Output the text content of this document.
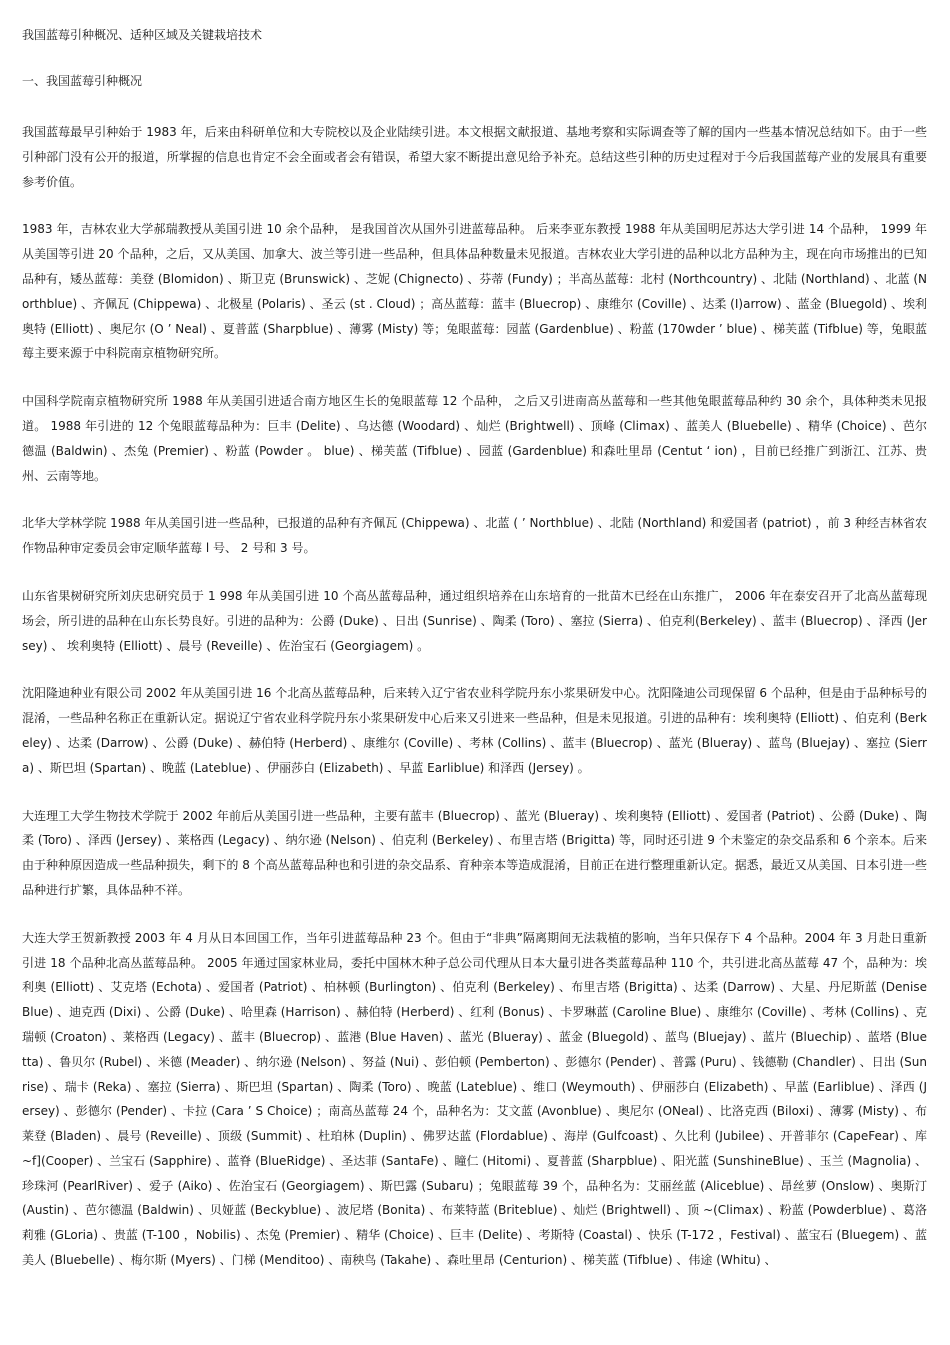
我国蓝莓引种概况、适种区域及关键栽培技术

一、我国蓝莓引种概况

我国蓝莓最早引种始于 1983 年，后来由科研单位和大专院校以及企业陆续引进。本文根据文献报道、基地考察和实际调查等了解的国内一些基本情况总结如下。由于一些引种部门没有公开的报道，所掌握的信息也肯定不会全面或者会有错误，希望大家不断提出意见给予补充。总结这些引种的历史过程对于今后我国蓝莓产业的发展具有重要参考价值。

1983 年，吉林农业大学郝瑞教授从美国引进 10 余个品种， 是我国首次从国外引进蓝莓品种。 后来李亚东教授 1988 年从美国明尼苏达大学引进 14 个品种， 1999 年从美国等引进 20 个品种，之后，又从美国、加拿大、波兰等引进一些品种，但具体品种数量未见报道。吉林农业大学引进的品种以北方品种为主，现在向市场推出的已知品种有，矮丛蓝莓：美登 (Blomidon) 、斯卫克 (Brunswick) 、芝妮 (Chignecto) 、芬蒂 (Fundy) ；半高丛蓝莓：北村 (Northcountry) 、北陆 (Northland) 、北蓝 (Northblue) 、齐佩瓦 (Chippewa) 、北极星 (Polaris) 、圣云 (st . Cloud) ；高丛蓝莓：蓝丰 (Bluecrop) 、康维尔 (Coville) 、达柔 (I)arrow) 、蓝金 (Bluegold) 、埃利奥特 (Elliott) 、奥尼尔 (O ’ Neal) 、夏普蓝 (Sharpblue) 、薄雾 (Misty) 等；兔眼蓝莓：园蓝 (Gardenblue) 、粉蓝 (170wder ’ blue) 、梯芙蓝 (Tifblue) 等，兔眼蓝莓主要来源于中科院南京植物研究所。

中国科学院南京植物研究所 1988 年从美国引进适合南方地区生长的兔眼蓝莓 12 个品种， 之后又引进南高丛蓝莓和一些其他兔眼蓝莓品种约 30 余个，具体种类未见报道。 1988 年引进的 12 个兔眼蓝莓品种为：巨丰 (Delite) 、乌达德 (Woodard) 、灿烂 (Brightwell) 、顶峰 (Climax) 、蓝美人 (Bluebelle) 、精华 (Choice) 、芭尔德温 (Baldwin) 、杰兔 (Premier) 、粉蓝 (Powder 。 blue) 、梯芙蓝 (Tifblue) 、园蓝 (Gardenblue) 和森吐里昂 (Centut ‘ ion) ，目前已经推广到浙江、江苏、贵州、云南等地。

北华大学林学院 1988 年从美国引进一些品种，已报道的品种有齐佩瓦 (Chippewa) 、北蓝 ( ’ Northblue) 、北陆 (Northland) 和爱国者 (patriot) ，前 3 种经吉林省农作物品种审定委员会审定顺华蓝莓 l 号、 2 号和 3 号。

山东省果树研究所刘庆忠研究员于 1 998 年从美国引进 10 个高丛蓝莓品种，通过组织培养在山东培育的一批苗木已经在山东推广， 2006 年在泰安召开了北高丛蓝莓现场会，所引进的品种在山东长势良好。引进的品种为：公爵 (Duke) 、日出 (Sunrise) 、陶柔 (Toro) 、塞拉 (Sierra) 、伯克利(Berkeley) 、蓝丰 (Bluecrop) 、泽西 (Jersey) 、 埃利奥特 (Elliott) 、晨号 (Reveille) 、佐治宝石 (Georgiagem) 。

沈阳隆迪种业有限公司 2002 年从美国引进 16 个北高丛蓝莓品种，后来转入辽宁省农业科学院丹东小浆果研发中心。沈阳隆迪公司现保留 6 个品种，但是由于品种标号的混淆，一些品种名称正在重新认定。据说辽宁省农业科学院丹东小浆果研发中心后来又引进来一些品种，但是未见报道。引进的品种有：埃利奥特 (Elliott) 、伯克利 (Berkeley) 、达柔 (Darrow) 、公爵 (Duke) 、赫伯特 (Herberd) 、康维尔 (Coville) 、考林 (Collins) 、蓝丰 (Bluecrop) 、蓝光 (Blueray) 、蓝鸟 (Bluejay) 、塞拉 (Sierra) 、斯巴坦 (Spartan) 、晚蓝 (Lateblue) 、伊丽莎白 (Elizabeth) 、早蓝 Earliblue) 和泽西 (Jersey) 。

大连理工大学生物技术学院于 2002 年前后从美国引进一些品种，主要有蓝丰 (Bluecrop) 、蓝光 (Blueray) 、埃利奥特 (Elliott) 、爱国者 (Patriot) 、公爵 (Duke) 、陶柔 (Toro) 、泽西 (Jersey) 、莱格西 (Legacy) 、纳尔逊 (Nelson) 、伯克利 (Berkeley) 、布里吉塔 (Brigitta) 等，同时还引进 9 个未鉴定的杂交品系和 6 个亲本。后来由于种种原因造成一些品种损失，剩下的 8 个高丛蓝莓品种也和引进的杂交品系、育种亲本等造成混淆，目前正在进行整理重新认定。据悉，最近又从美国、日本引进一些品种进行扩繁，具体品种不祥。

大连大学王贺新教授 2003 年 4 月从日本回国工作，当年引进蓝莓品种 23 个。但由于“非典”隔离期间无法栽植的影响，当年只保存下 4 个品种。2004 年 3 月赴日重新引进 18 个品种北高丛蓝莓品种。 2005 年通过国家林业局，委托中国林木种子总公司代理从日本大量引进各类蓝莓品种 110 个，共引进北高丛蓝莓 47 个，品种为：埃利奥 (Elliott) 、艾克塔 (Echota) 、爱国者 (Patriot) 、柏林顿 (Burlington) 、伯克利 (Berkeley) 、布里吉塔 (Brigitta) 、达柔 (Darrow) 、大星、丹尼斯蓝 (Denise Blue) 、迪克西 (Dixi) 、公爵 (Duke) 、哈里森 (Harrison) 、赫伯特 (Herberd) 、红利 (Bonus) 、卡罗琳蓝 (Caroline Blue) 、康维尔 (Coville) 、考林 (Collins) 、克瑞顿 (Croaton) 、莱格西 (Legacy) 、蓝丰 (Bluecrop) 、蓝港 (Blue Haven) 、蓝光 (Blueray) 、蓝金 (Bluegold) 、蓝鸟 (Bluejay) 、蓝片 (Bluechip) 、蓝塔 (Bluetta) 、鲁贝尔 (Rubel) 、米德 (Meader) 、纳尔逊 (Nelson) 、努益 (Nui) 、彭伯顿 (Pemberton) 、彭德尔 (Pender) 、普露 (Puru) 、钱德勒 (Chandler) 、日出 (Sunrise) 、瑞卡 (Reka) 、塞拉 (Sierra) 、斯巴坦 (Spartan) 、陶柔 (Toro) 、晚蓝 (Lateblue) 、维口 (Weymouth) 、伊丽莎白 (Elizabeth) 、早蓝 (Earliblue) 、泽西 (Jersey) 、彭德尔 (Pender) 、卡拉 (Cara ’ S Choice) ；南高丛蓝莓 24 个，品种名为：艾文蓝 (Avonblue) 、奥尼尔 (ONeal) 、比洛克西 (Biloxi) 、薄雾 (Misty) 、布莱登 (Bladen) 、晨号 (Reveille) 、顶级 (Summit) 、杜珀林 (Duplin) 、佛罗达蓝 (Flordablue) 、海岸 (Gulfcoast) 、久比利 (Jubilee) 、开普菲尔 (CapeFear) 、库 ~f](Cooper) 、兰宝石 (Sapphire) 、蓝脊 (BlueRidge) 、圣达菲 (SantaFe) 、瞳仁 (Hitomi) 、夏普蓝 (Sharpblue) 、阳光蓝 (SunshineBlue) 、玉兰 (Magnolia) 、珍珠河 (PearlRiver) 、爱子 (Aiko) 、佐治宝石 (Georgiagem) 、斯巴露 (Subaru) ；兔眼蓝莓 39 个，品种名为：艾丽丝蓝 (Aliceblue) 、昂丝萝 (Onslow) 、奥斯汀 (Austin) 、芭尔德温 (Baldwin) 、贝娅蓝 (Beckyblue) 、波尼塔 (Bonita) 、布莱特蓝 (Briteblue) 、灿烂 (Brightwell) 、顶 ~(Climax) 、粉蓝 (Powderblue) 、葛洛莉雅 (GLoria) 、贵蓝 (T-100 ，Nobilis) 、杰兔 (Premier) 、精华 (Choice) 、巨丰 (Delite) 、考斯特 (Coastal) 、快乐 (T-172 ，Festival) 、蓝宝石 (Bluegem) 、蓝美人 (Bluebelle) 、梅尔斯 (Myers) 、门梯 (Menditoo) 、南秧鸟 (Takahe) 、森吐里昂 (Centurion) 、梯芙蓝 (Tifblue) 、伟途 (Whitu) 、
